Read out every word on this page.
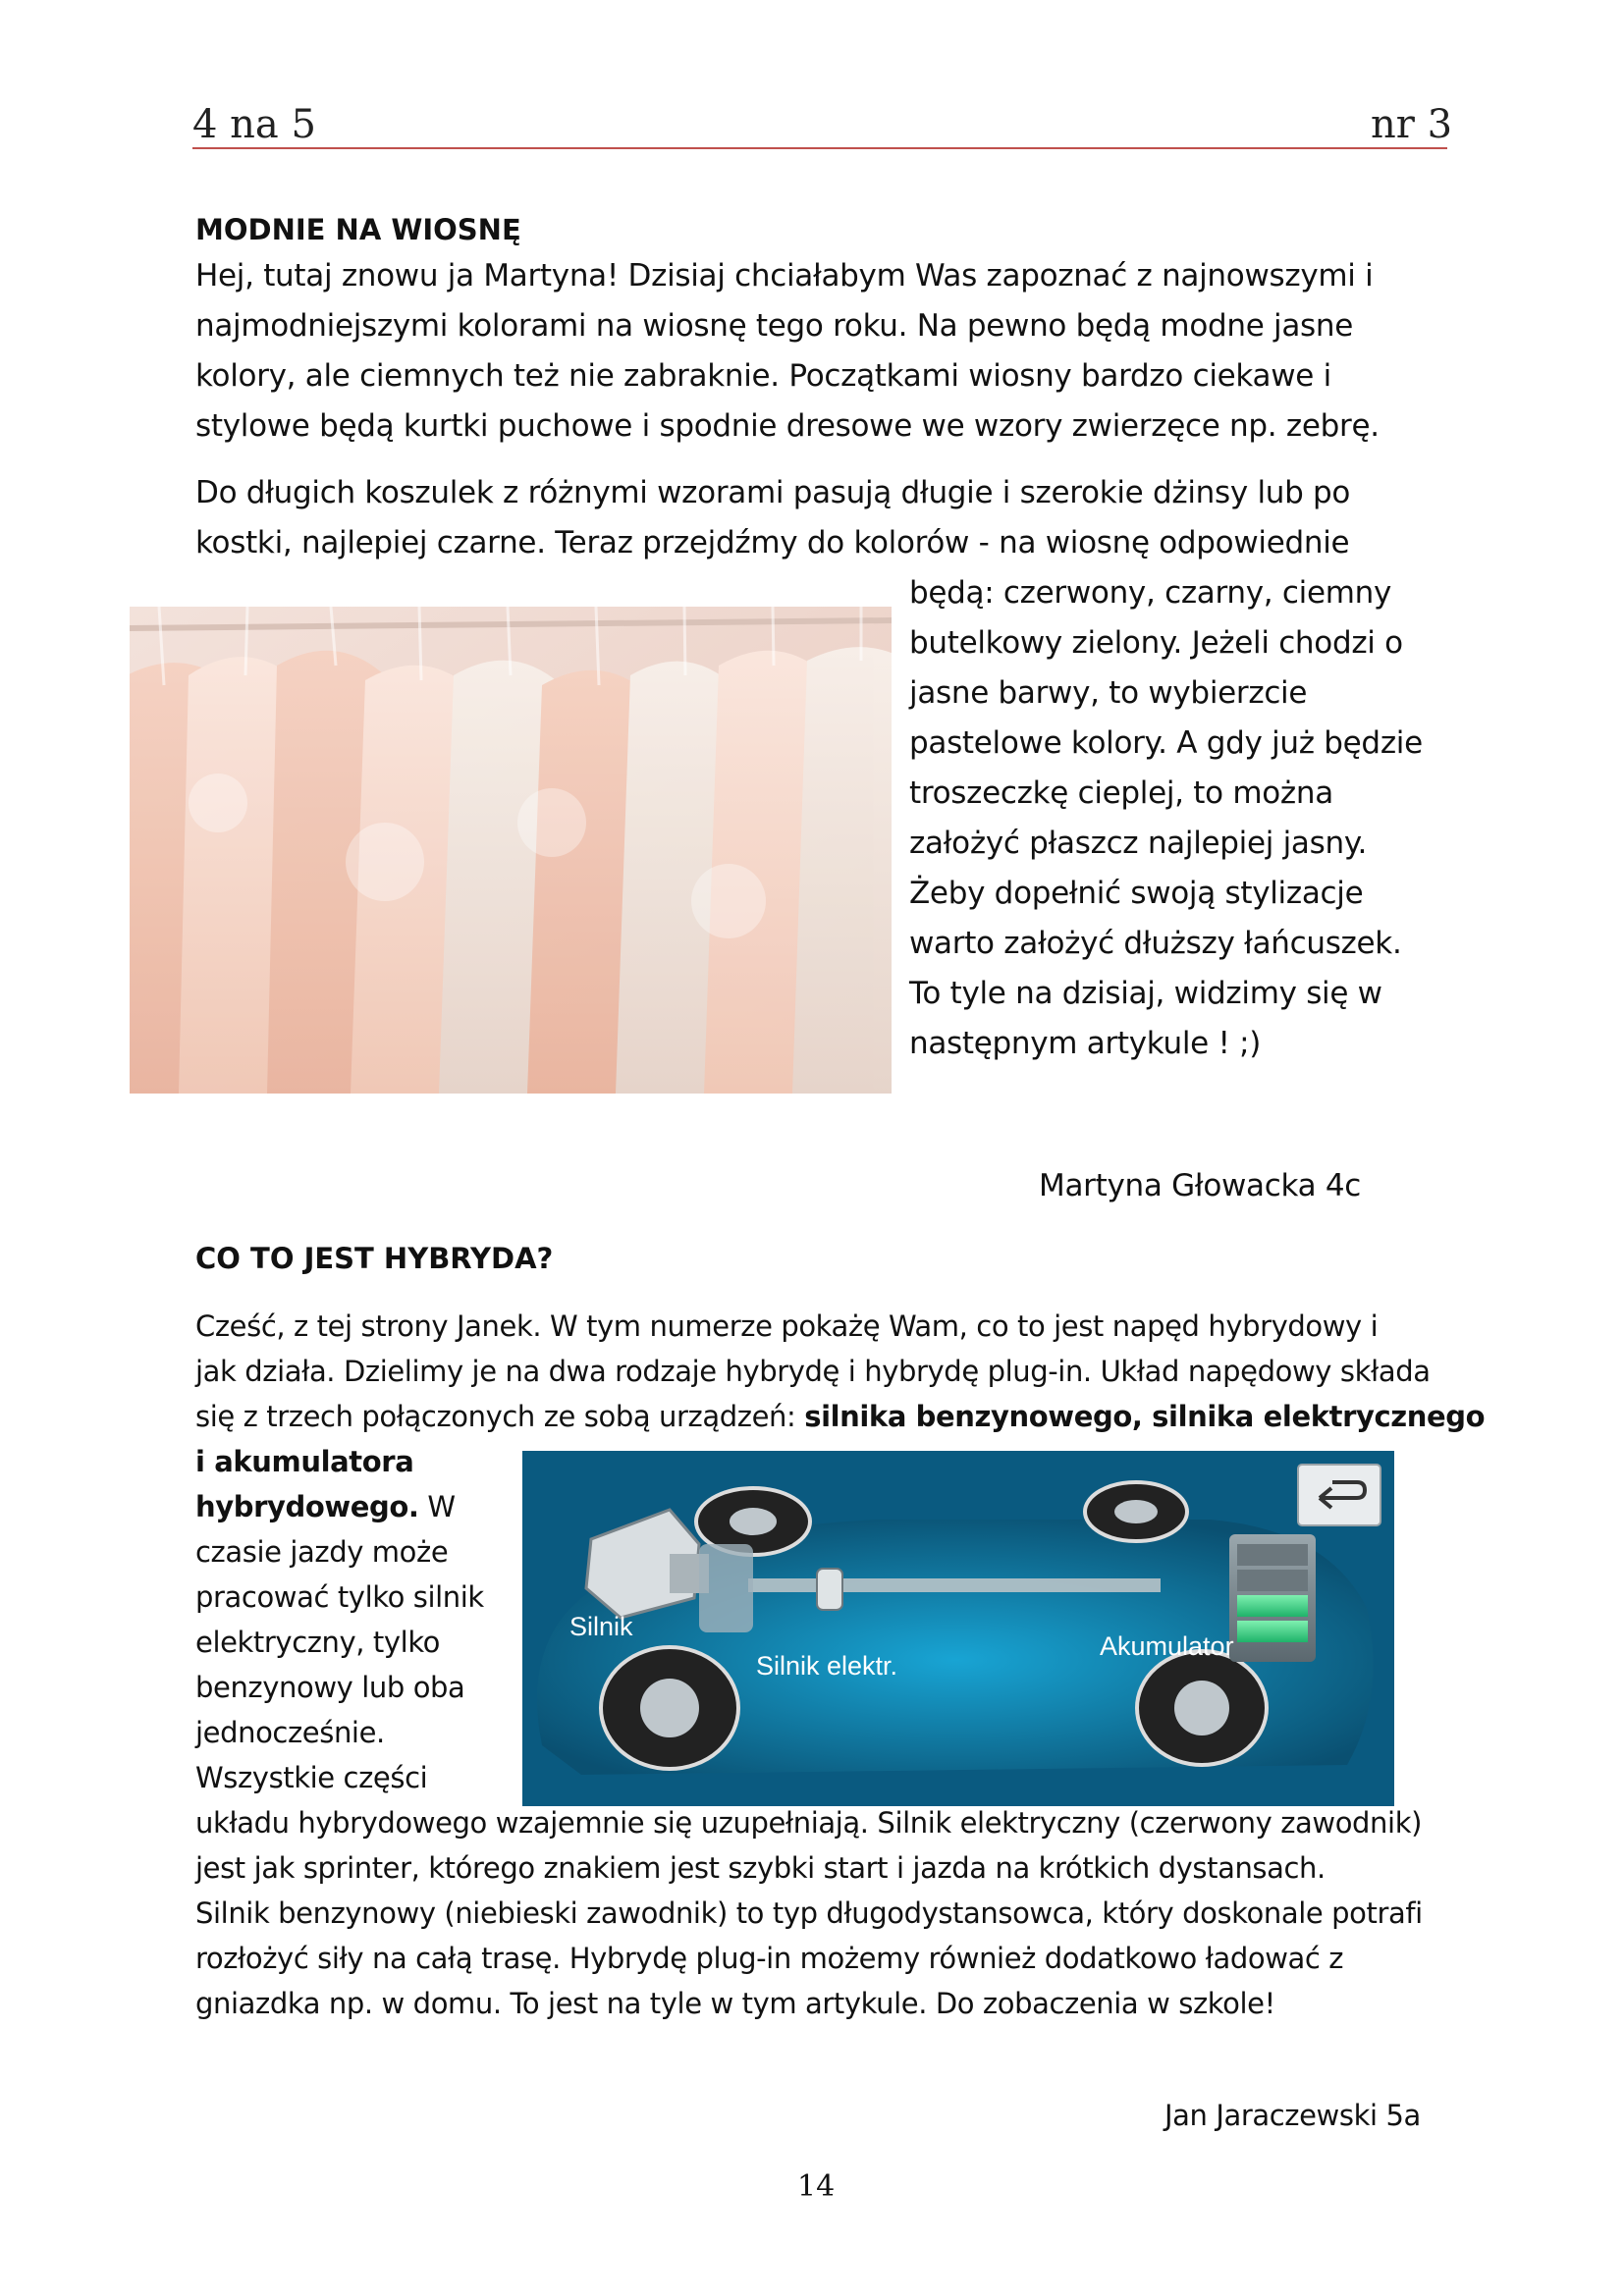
4 na 5	nr 3
MODNIE NA WIOSNĘ
Hej, tutaj znowu ja Martyna! Dzisiaj chciałabym Was zapoznać z najnowszymi i
najmodniejszymi kolorami na wiosnę tego roku. Na pewno będą modne jasne
kolory, ale ciemnych też nie zabraknie. Początkami wiosny bardzo ciekawe i
stylowe będą kurtki puchowe i spodnie dresowe we wzory zwierzęce np. zebrę.
Do długich koszulek z różnymi wzorami pasują długie i szerokie dżinsy lub po
kostki, najlepiej czarne. Teraz przejdźmy do kolorów - na wiosnę odpowiednie
będą: czerwony, czarny, ciemny
butelkowy zielony. Jeżeli chodzi o
jasne barwy, to wybierzcie
pastelowe kolory. A gdy już będzie
troszeczkę cieplej, to można
założyć płaszcz najlepiej jasny.
Żeby dopełnić swoją stylizacje
warto założyć dłuższy łańcuszek.
To tyle na dzisiaj, widzimy się w
następnym artykule ! ;)
Martyna Głowacka 4c
CO TO JEST HYBRYDA?
Cześć, z tej strony Janek. W tym numerze pokażę Wam, co to jest napęd hybrydowy i
jak działa. Dzielimy je na dwa rodzaje hybrydę i hybrydę plug-in. Układ napędowy składa
się z trzech połączonych ze sobą urządzeń: silnika benzynowego, silnika elektrycznego
i akumulatora
hybrydowego. W
czasie jazdy może
pracować tylko silnik
elektryczny, tylko
benzynowy lub oba
jednocześnie.
Wszystkie części
układu hybrydowego wzajemnie się uzupełniają. Silnik elektryczny (czerwony zawodnik)
jest jak sprinter, którego znakiem jest szybki start i jazda na krótkich dystansach.
Silnik benzynowy (niebieski zawodnik) to typ długodystansowca, który doskonale potrafi
rozłożyć siły na całą trasę. Hybrydę plug-in możemy również dodatkowo ładować z
gniazdka np. w domu. To jest na tyle w tym artykule. Do zobaczenia w szkole!
Silnik
Silnik elektr.
Akumulator
Jan Jaraczewski 5a
14
